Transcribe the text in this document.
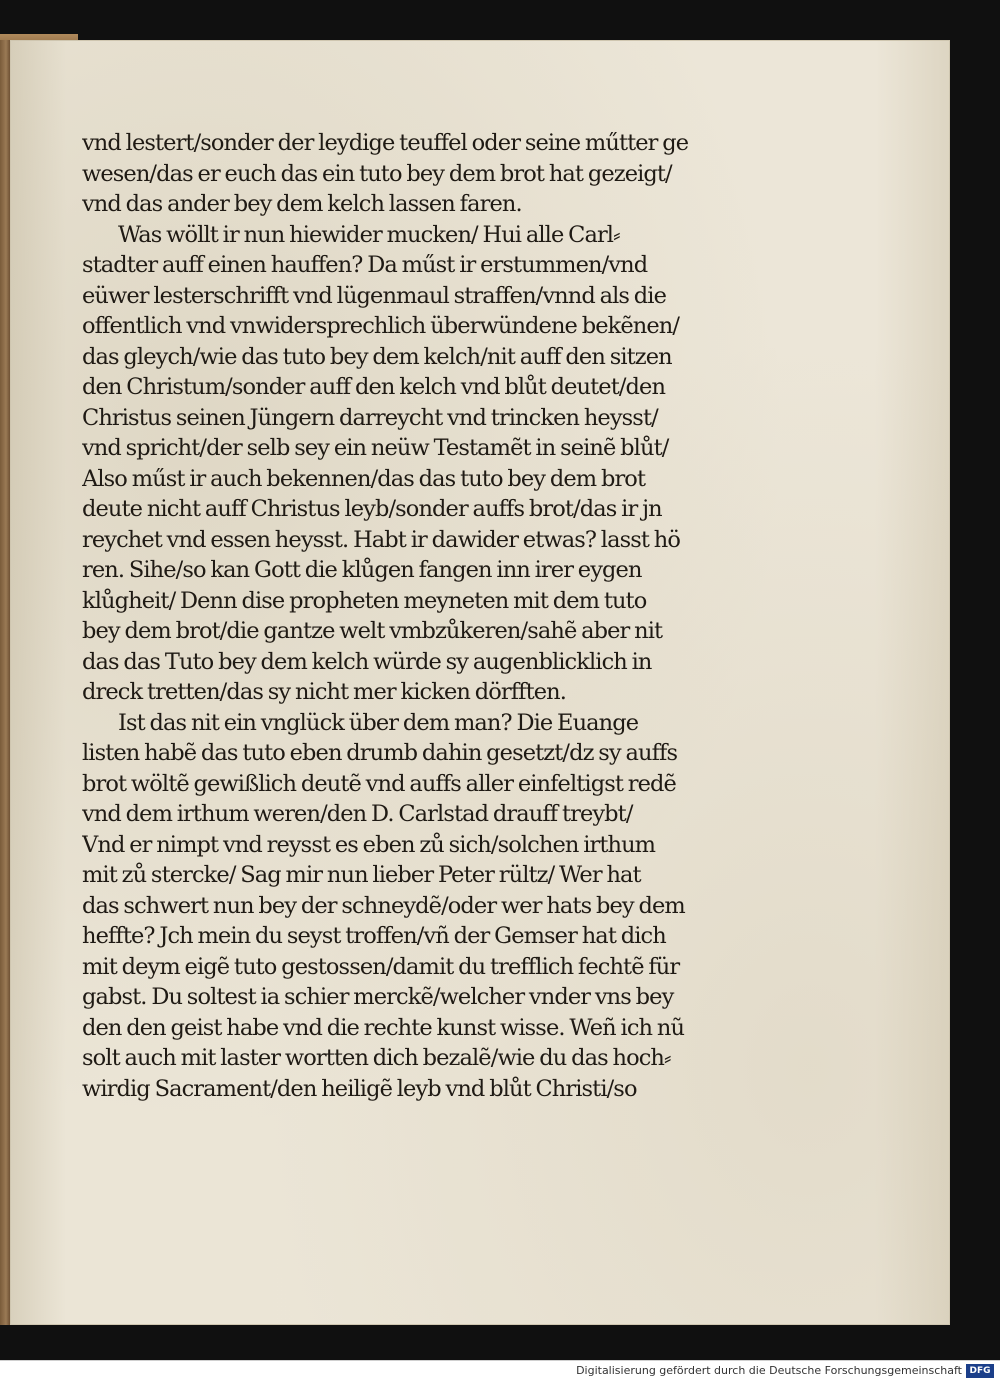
vnd lestert/sonder der leydige teuffel oder seine műtter ge
wesen/das er euch das ein tuto bey dem brot hat gezeigt/
vnd das ander bey dem kelch lassen faren.
Was wöllt ir nun hiewider mucken/ Hui alle Carl⸗
stadter auff einen hauffen? Da műst ir erstummen/vnd
eüwer lesterschrifft vnd lügenmaul straffen/vnnd als die
offentlich vnd vnwidersprechlich überwündene bekẽnen/
das gleych/wie das tuto bey dem kelch/nit auff den sitzen
den Christum/sonder auff den kelch vnd blůt deutet/den
Christus seinen Jüngern darreycht vnd trincken heysst/
vnd spricht/der selb sey ein neüw Testamẽt in seinẽ blůt/
Also műst ir auch bekennen/das das tuto bey dem brot
deute nicht auff Christus leyb/sonder auffs brot/das ir jn
reychet vnd essen heysst. Habt ir dawider etwas? lasst hö
ren. Sihe/so kan Gott die klůgen fangen inn irer eygen
klůgheit/ Denn dise propheten meyneten mit dem tuto
bey dem brot/die gantze welt vmbzůkeren/sahẽ aber nit
das das Tuto bey dem kelch würde sy augenblicklich in
dreck tretten/das sy nicht mer kicken dörfften.
Ist das nit ein vnglück über dem man? Die Euange
listen habẽ das tuto eben drumb dahin gesetzt/dz sy auffs
brot wöltẽ gewißlich deutẽ vnd auffs aller einfeltigst redẽ
vnd dem irthum weren/den D. Carlstad drauff treybt/
Vnd er nimpt vnd reysst es eben zů sich/solchen irthum
mit zů stercke/ Sag mir nun lieber Peter rültz/ Wer hat
das schwert nun bey der schneydẽ/oder wer hats bey dem
heffte? Jch mein du seyst troffen/vñ der Gemser hat dich
mit deym eigẽ tuto gestossen/damit du trefflich fechtẽ für
gabst. Du soltest ia schier merckẽ/welcher vnder vns bey
den den geist habe vnd die rechte kunst wisse. Weñ ich nũ
solt auch mit laster wortten dich bezalẽ/wie du das hoch⸗
wirdig Sacrament/den heiligẽ leyb vnd blůt Christi/so
Digitalisierung gefördert durch die Deutsche Forschungsgemeinschaft DFG
